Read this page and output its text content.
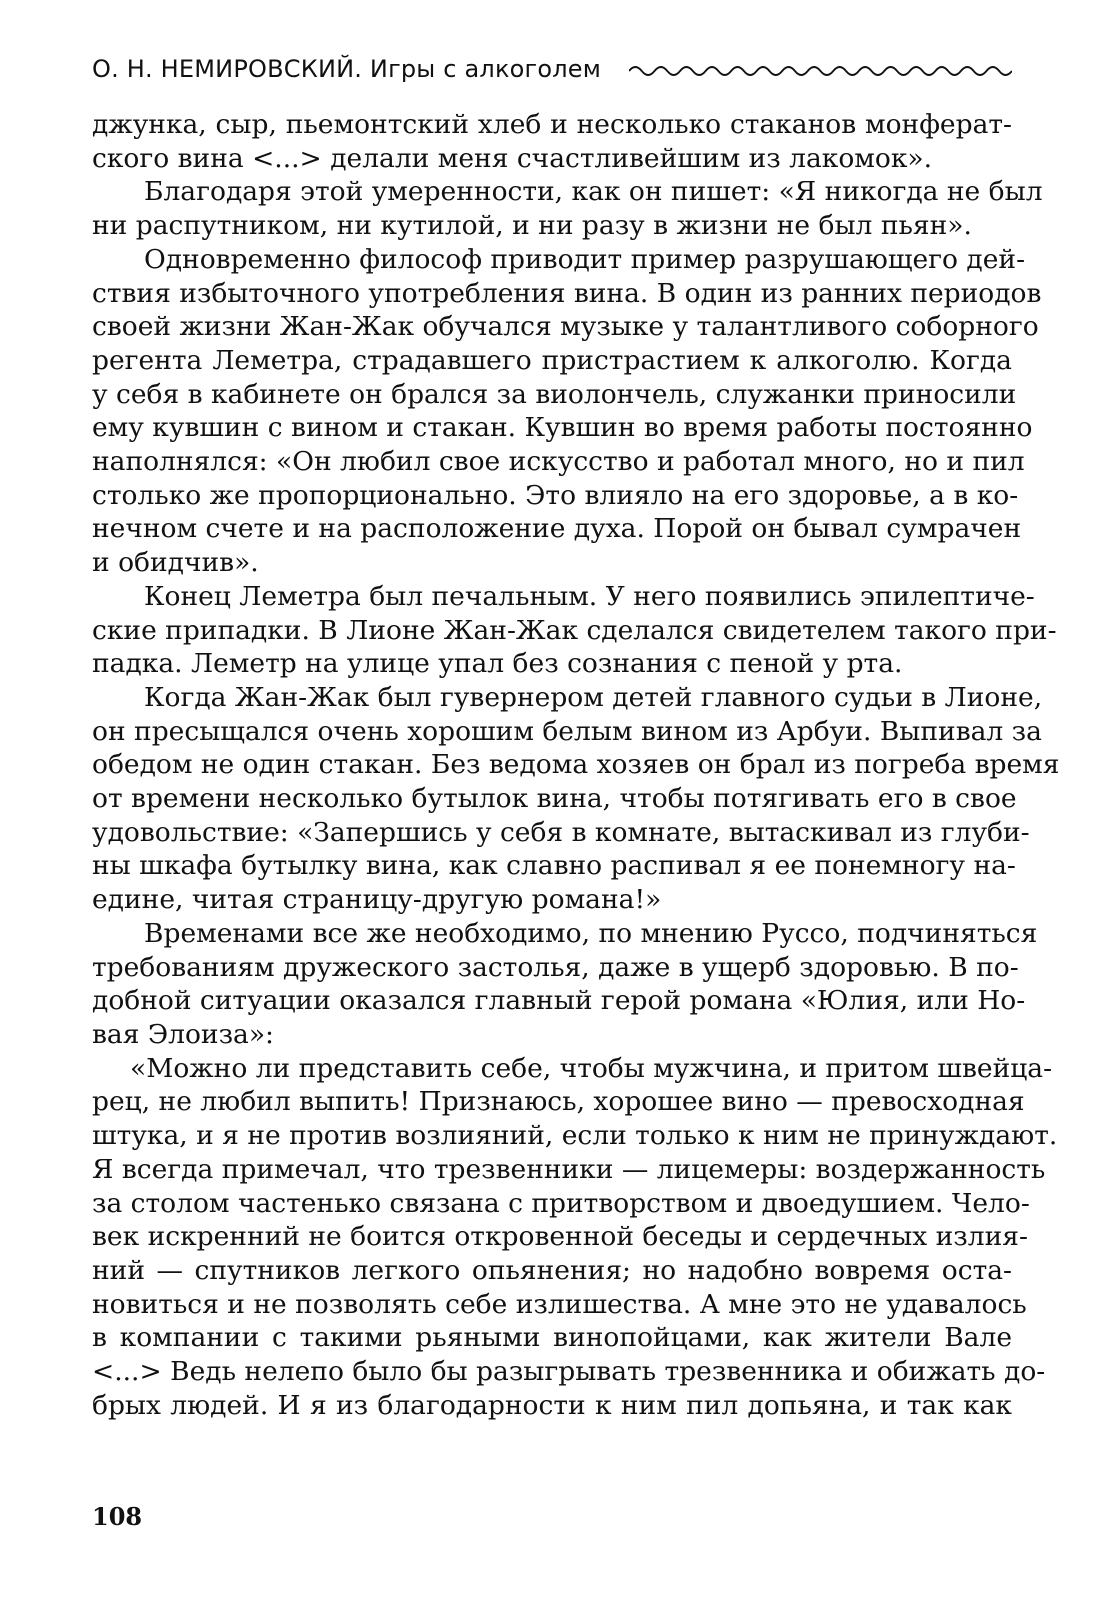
О. Н. НЕМИРОВСКИЙ. Игры с алкоголем
джунка, сыр, пьемонтский хлеб и несколько стаканов монферат-
ского вина <...> делали меня счастливейшим из лакомок».
Благодаря этой умеренности, как он пишет: «Я никогда не был
ни распутником, ни кутилой, и ни разу в жизни не был пьян».
Одновременно философ приводит пример разрушающего дей-
ствия избыточного употребления вина. В один из ранних периодов
своей жизни Жан-Жак обучался музыке у талантливого соборного
регента Леметра, страдавшего пристрастием к алкоголю. Когда
у себя в кабинете он брался за виолончель, служанки приносили
ему кувшин с вином и стакан. Кувшин во время работы постоянно
наполнялся: «Он любил свое искусство и работал много, но и пил
столько же пропорционально. Это влияло на его здоровье, а в ко-
нечном счете и на расположение духа. Порой он бывал сумрачен
и обидчив».
Конец Леметра был печальным. У него появились эпилептиче-
ские припадки. В Лионе Жан-Жак сделался свидетелем такого при-
падка. Леметр на улице упал без сознания с пеной у рта.
Когда Жан-Жак был гувернером детей главного судьи в Лионе,
он пресыщался очень хорошим белым вином из Арбуи. Выпивал за
обедом не один стакан. Без ведома хозяев он брал из погреба время
от времени несколько бутылок вина, чтобы потягивать его в свое
удовольствие: «Запершись у себя в комнате, вытаскивал из глуби-
ны шкафа бутылку вина, как славно распивал я ее понемногу на-
едине, читая страницу-другую романа!»
Временами все же необходимо, по мнению Руссо, подчиняться
требованиям дружеского застолья, даже в ущерб здоровью. В по-
добной ситуации оказался главный герой романа «Юлия, или Но-
вая Элоиза»:
«Можно ли представить себе, чтобы мужчина, и притом швейца-
рец, не любил выпить! Признаюсь, хорошее вино — превосходная
штука, и я не против возлияний, если только к ним не принуждают.
Я всегда примечал, что трезвенники — лицемеры: воздержанность
за столом частенько связана с притворством и двоедушием. Чело-
век искренний не боится откровенной беседы и сердечных излия-
ний — спутников легкого опьянения; но надобно вовремя оста-
новиться и не позволять себе излишества. А мне это не удавалось
в компании с такими рьяными винопойцами, как жители Вале
<...> Ведь нелепо было бы разыгрывать трезвенника и обижать до-
брых людей. И я из благодарности к ним пил допьяна, и так как
108
